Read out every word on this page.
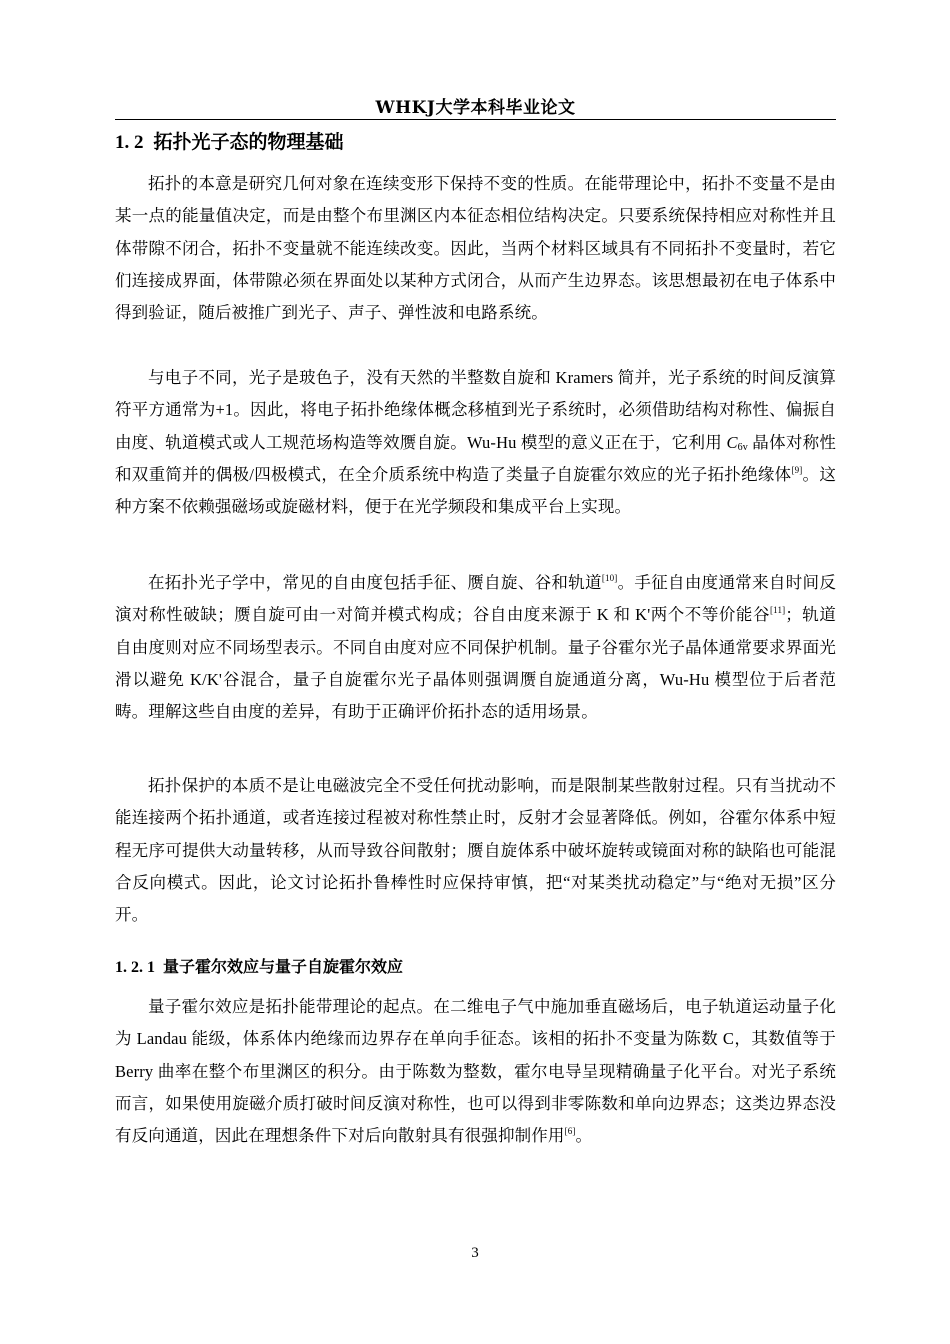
WHKJ大学本科毕业论文
1. 2 拓扑光子态的物理基础

拓扑的本意是研究几何对象在连续变形下保持不变的性质。在能带理论中，拓扑不变量不是由某一点的能量值决定，而是由整个布里渊区内本征态相位结构决定。只要系统保持相应对称性并且体带隙不闭合，拓扑不变量就不能连续改变。因此，当两个材料区域具有不同拓扑不变量时，若它们连接成界面，体带隙必须在界面处以某种方式闭合，从而产生边界态。该思想最初在电子体系中得到验证，随后被推广到光子、声子、弹性波和电路系统。

与电子不同，光子是玻色子，没有天然的半整数自旋和 Kramers 简并，光子系统的时间反演算符平方通常为+1。因此，将电子拓扑绝缘体概念移植到光子系统时，必须借助结构对称性、偏振自由度、轨道模式或人工规范场构造等效赝自旋。Wu-Hu 模型的意义正在于，它利用 $C_{6v}$ 晶体对称性和双重简并的偶极/四极模式，在全介质系统中构造了类量子自旋霍尔效应的光子拓扑绝缘体[9]。这种方案不依赖强磁场或旋磁材料，便于在光学频段和集成平台上实现。

在拓扑光子学中，常见的自由度包括手征、赝自旋、谷和轨道[10]。手征自由度通常来自时间反演对称性破缺；赝自旋可由一对简并模式构成；谷自由度来源于 K 和 K'两个不等价能谷[11]；轨道自由度则对应不同场型表示。不同自由度对应不同保护机制。量子谷霍尔光子晶体通常要求界面光滑以避免 K/K'谷混合，量子自旋霍尔光子晶体则强调赝自旋通道分离，Wu-Hu 模型位于后者范畴。理解这些自由度的差异，有助于正确评价拓扑态的适用场景。

拓扑保护的本质不是让电磁波完全不受任何扰动影响，而是限制某些散射过程。只有当扰动不能连接两个拓扑通道，或者连接过程被对称性禁止时，反射才会显著降低。例如，谷霍尔体系中短程无序可提供大动量转移，从而导致谷间散射；赝自旋体系中破坏旋转或镜面对称的缺陷也可能混合反向模式。因此，论文讨论拓扑鲁棒性时应保持审慎，把“对某类扰动稳定”与“绝对无损”区分开。

1. 2. 1 量子霍尔效应与量子自旋霍尔效应

量子霍尔效应是拓扑能带理论的起点。在二维电子气中施加垂直磁场后，电子轨道运动量子化为 Landau 能级，体系体内绝缘而边界存在单向手征态。该相的拓扑不变量为陈数 C，其数值等于 Berry 曲率在整个布里渊区的积分。由于陈数为整数，霍尔电导呈现精确量子化平台。对光子系统而言，如果使用旋磁介质打破时间反演对称性，也可以得到非零陈数和单向边界态；这类边界态没有反向通道，因此在理想条件下对后向散射具有很强抑制作用[6]。

3
